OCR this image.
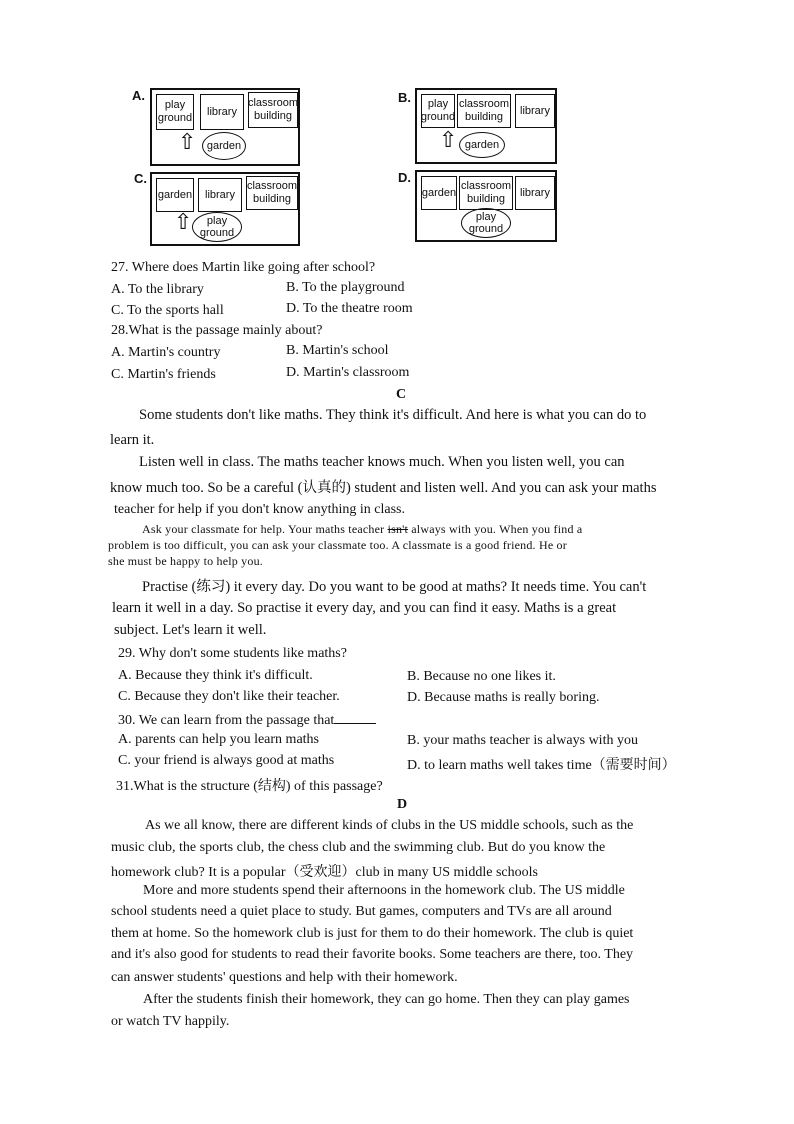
A.
play ground
library
classroom building
⇧ garden
B.	play ground
classroom building
library
⇧ garden
C.
garden	library
classroom building
⇧	play ground
D.
garden
classroom building
library
play ground
27. Where does Martin like going after school?
A. To the library	B. To the playground
C. To the sports hall	D. To the theatre room
28.What is the passage mainly about?
A. Martin's country	B. Martin's school
C. Martin's friends	D. Martin's classroom
C
Some students don't like maths. They think it's difficult. And here is what you can do to
learn it.
Listen well in class. The maths teacher knows much. When you listen well, you can
know much too. So be a careful (认真的) student and listen well. And you can ask your maths
teacher for help if you don't know anything in class.
Ask your classmate for help. Your maths teacher isn't always with you. When you find a
problem is too difficult, you can ask your classmate too. A classmate is a good friend. He or
she must be happy to help you.
Practise (练习) it every day. Do you want to be good at maths? It needs time. You can't
learn it well in a day. So practise it every day, and you can find it easy. Maths is a great
subject. Let's learn it well.
29. Why don't some students like maths?
A. Because they think it's difficult.	B. Because no one likes it.
C. Because they don't like their teacher.	D. Because maths is really boring.
30. We can learn from the passage that
A. parents can help you learn maths	B. your maths teacher is always with you
C. your friend is always good at maths	D. to learn maths well takes time（需要时间）
31.What is the structure (结构) of this passage?
D
As we all know, there are different kinds of clubs in the US middle schools, such as the
music club, the sports club, the chess club and the swimming club. But do you know the
homework club? It is a popular（受欢迎）club in many US middle schools
More and more students spend their afternoons in the homework club. The US middle
school students need a quiet place to study. But games, computers and TVs are all around
them at home. So the homework club is just for them to do their homework. The club is quiet
and it's also good for students to read their favorite books. Some teachers are there, too. They
can answer students' questions and help with their homework.
After the students finish their homework, they can go home. Then they can play games
or watch TV happily.
